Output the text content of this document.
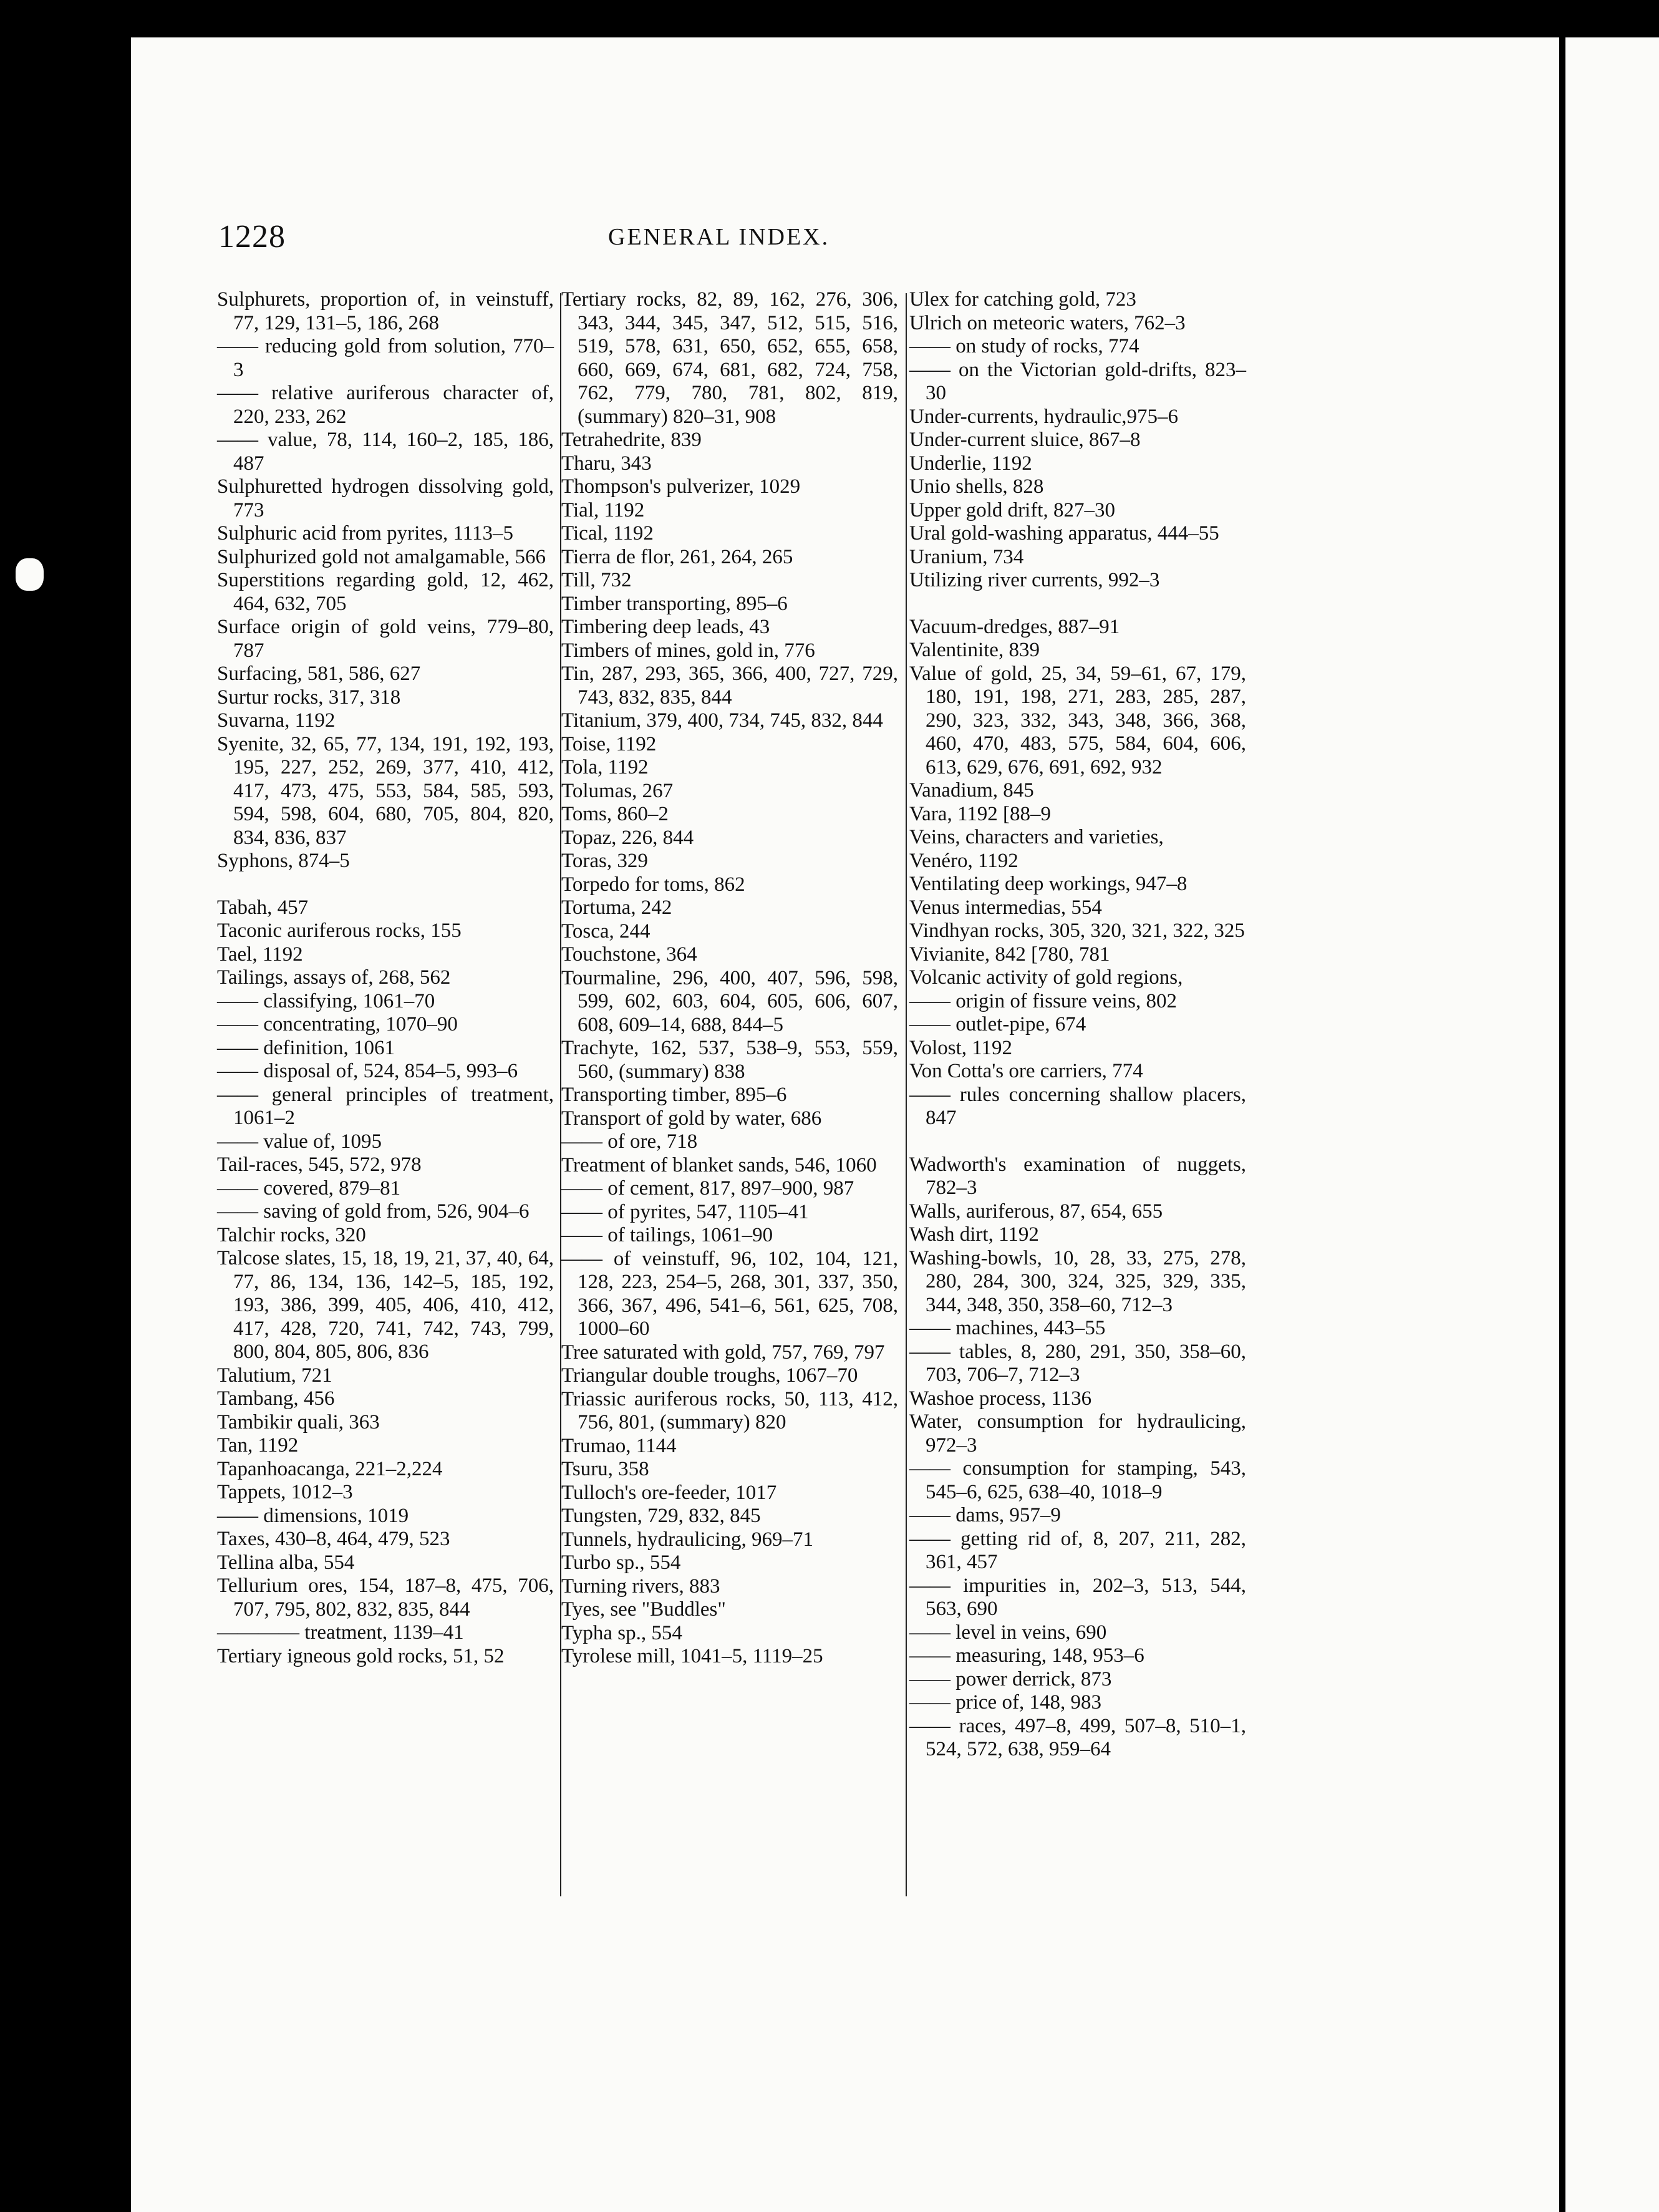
1228	GENERAL INDEX.
Sulphurets, proportion of, in veinstuff, 77, 129, 131–5, 186, 268
—— reducing gold from solution, 770–3
—— relative auriferous character of, 220, 233, 262
—— value, 78, 114, 160–2, 185, 186, 487
Sulphuretted hydrogen dissolving gold, 773
Sulphuric acid from pyrites, 1113–5
Sulphurized gold not amalgamable, 566
Superstitions regarding gold, 12, 462, 464, 632, 705
Surface origin of gold veins, 779–80, 787
Surfacing, 581, 586, 627
Surtur rocks, 317, 318
Suvarna, 1192
Syenite, 32, 65, 77, 134, 191, 192, 193, 195, 227, 252, 269, 377, 410, 412, 417, 473, 475, 553, 584, 585, 593, 594, 598, 604, 680, 705, 804, 820, 834, 836, 837
Syphons, 874–5
Tabah, 457
Taconic auriferous rocks, 155
Tael, 1192
Tailings, assays of, 268, 562
—— classifying, 1061–70
—— concentrating, 1070–90
—— definition, 1061
—— disposal of, 524, 854–5, 993–6
—— general principles of treatment, 1061–2
—— value of, 1095
Tail-races, 545, 572, 978
—— covered, 879–81
—— saving of gold from, 526, 904–6
Talchir rocks, 320
Talcose slates, 15, 18, 19, 21, 37, 40, 64, 77, 86, 134, 136, 142–5, 185, 192, 193, 386, 399, 405, 406, 410, 412, 417, 428, 720, 741, 742, 743, 799, 800, 804, 805, 806, 836
Talutium, 721
Tambang, 456
Tambikir quali, 363
Tan, 1192
Tapanhoacanga, 221–2,224
Tappets, 1012–3
—— dimensions, 1019
Taxes, 430–8, 464, 479, 523
Tellina alba, 554
Tellurium ores, 154, 187–8, 475, 706, 707, 795, 802, 832, 835, 844
———— treatment, 1139–41
Tertiary igneous gold rocks, 51, 52
Tertiary rocks, 82, 89, 162, 276, 306, 343, 344, 345, 347, 512, 515, 516, 519, 578, 631, 650, 652, 655, 658, 660, 669, 674, 681, 682, 724, 758, 762, 779, 780, 781, 802, 819, (summary) 820–31, 908
Tetrahedrite, 839
Tharu, 343
Thompson's pulverizer, 1029
Tial, 1192
Tical, 1192
Tierra de flor, 261, 264, 265
Till, 732
Timber transporting, 895–6
Timbering deep leads, 43
Timbers of mines, gold in, 776
Tin, 287, 293, 365, 366, 400, 727, 729, 743, 832, 835, 844
Titanium, 379, 400, 734, 745, 832, 844
Toise, 1192
Tola, 1192
Tolumas, 267
Toms, 860–2
Topaz, 226, 844
Toras, 329
Torpedo for toms, 862
Tortuma, 242
Tosca, 244
Touchstone, 364
Tourmaline, 296, 400, 407, 596, 598, 599, 602, 603, 604, 605, 606, 607, 608, 609–14, 688, 844–5
Trachyte, 162, 537, 538–9, 553, 559, 560, (summary) 838
Transporting timber, 895–6
Transport of gold by water, 686
—— of ore, 718
Treatment of blanket sands, 546, 1060
—— of cement, 817, 897–900, 987
—— of pyrites, 547, 1105–41
—— of tailings, 1061–90
—— of veinstuff, 96, 102, 104, 121, 128, 223, 254–5, 268, 301, 337, 350, 366, 367, 496, 541–6, 561, 625, 708, 1000–60
Tree saturated with gold, 757, 769, 797
Triangular double troughs, 1067–70
Triassic auriferous rocks, 50, 113, 412, 756, 801, (summary) 820
Trumao, 1144
Tsuru, 358
Tulloch's ore-feeder, 1017
Tungsten, 729, 832, 845
Tunnels, hydraulicing, 969–71
Turbo sp., 554
Turning rivers, 883
Tyes, see "Buddles"
Typha sp., 554
Tyrolese mill, 1041–5, 1119–25
Ulex for catching gold, 723
Ulrich on meteoric waters, 762–3
—— on study of rocks, 774
—— on the Victorian gold-drifts, 823–30
Under-currents, hydraulic,975–6
Under-current sluice, 867–8
Underlie, 1192
Unio shells, 828
Upper gold drift, 827–30
Ural gold-washing apparatus, 444–55
Uranium, 734
Utilizing river currents, 992–3
Vacuum-dredges, 887–91
Valentinite, 839
Value of gold, 25, 34, 59–61, 67, 179, 180, 191, 198, 271, 283, 285, 287, 290, 323, 332, 343, 348, 366, 368, 460, 470, 483, 575, 584, 604, 606, 613, 629, 676, 691, 692, 932
Vanadium, 845
Vara, 1192 [88–9
Veins, characters and varieties,
Venéro, 1192
Ventilating deep workings, 947–8
Venus intermedias, 554
Vindhyan rocks, 305, 320, 321, 322, 325
Vivianite, 842 [780, 781
Volcanic activity of gold regions,
—— origin of fissure veins, 802
—— outlet-pipe, 674
Volost, 1192
Von Cotta's ore carriers, 774
—— rules concerning shallow placers, 847
Wadworth's examination of nuggets, 782–3
Walls, auriferous, 87, 654, 655
Wash dirt, 1192
Washing-bowls, 10, 28, 33, 275, 278, 280, 284, 300, 324, 325, 329, 335, 344, 348, 350, 358–60, 712–3
—— machines, 443–55
—— tables, 8, 280, 291, 350, 358–60, 703, 706–7, 712–3
Washoe process, 1136
Water, consumption for hydraulicing, 972–3
—— consumption for stamping, 543, 545–6, 625, 638–40, 1018–9
—— dams, 957–9
—— getting rid of, 8, 207, 211, 282, 361, 457
—— impurities in, 202–3, 513, 544, 563, 690
—— level in veins, 690
—— measuring, 148, 953–6
—— power derrick, 873
—— price of, 148, 983
—— races, 497–8, 499, 507–8, 510–1, 524, 572, 638, 959–64
